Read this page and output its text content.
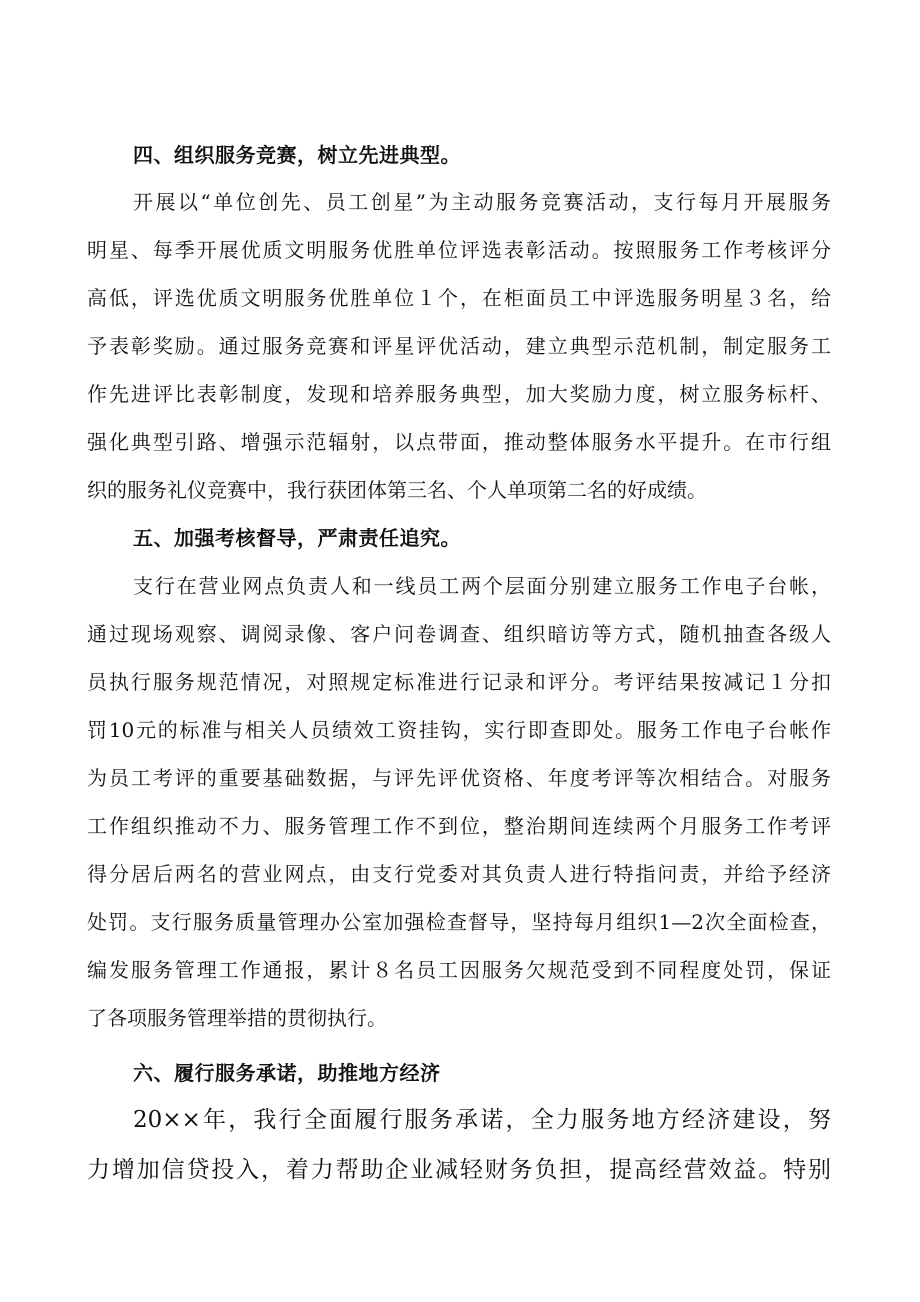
四、组织服务竞赛，树立先进典型。
开展以“单位创先、员工创星”为主动服务竞赛活动，支行每月开展服务
明星、每季开展优质文明服务优胜单位评选表彰活动。按照服务工作考核评分
高低，评选优质文明服务优胜单位１个，在柜面员工中评选服务明星３名，给
予表彰奖励。通过服务竞赛和评星评优活动，建立典型示范机制，制定服务工
作先进评比表彰制度，发现和培养服务典型，加大奖励力度，树立服务标杆、
强化典型引路、增强示范辐射，以点带面，推动整体服务水平提升。在市行组
织的服务礼仪竞赛中，我行获团体第三名、个人单项第二名的好成绩。
五、加强考核督导，严肃责任追究。
支行在营业网点负责人和一线员工两个层面分别建立服务工作电子台帐，
通过现场观察、调阅录像、客户问卷调查、组织暗访等方式，随机抽查各级人
员执行服务规范情况，对照规定标准进行记录和评分。考评结果按减记１分扣
罚10元的标准与相关人员绩效工资挂钩，实行即查即处。服务工作电子台帐作
为员工考评的重要基础数据，与评先评优资格、年度考评等次相结合。对服务
工作组织推动不力、服务管理工作不到位，整治期间连续两个月服务工作考评
得分居后两名的营业网点，由支行党委对其负责人进行特指问责，并给予经济
处罚。支行服务质量管理办公室加强检查督导，坚持每月组织1—2次全面检查，
编发服务管理工作通报，累计８名员工因服务欠规范受到不同程度处罚，保证
了各项服务管理举措的贯彻执行。
六、履行服务承诺，助推地方经济
20××年，我行全面履行服务承诺，全力服务地方经济建设，努
力增加信贷投入，着力帮助企业减轻财务负担，提高经营效益。特别
